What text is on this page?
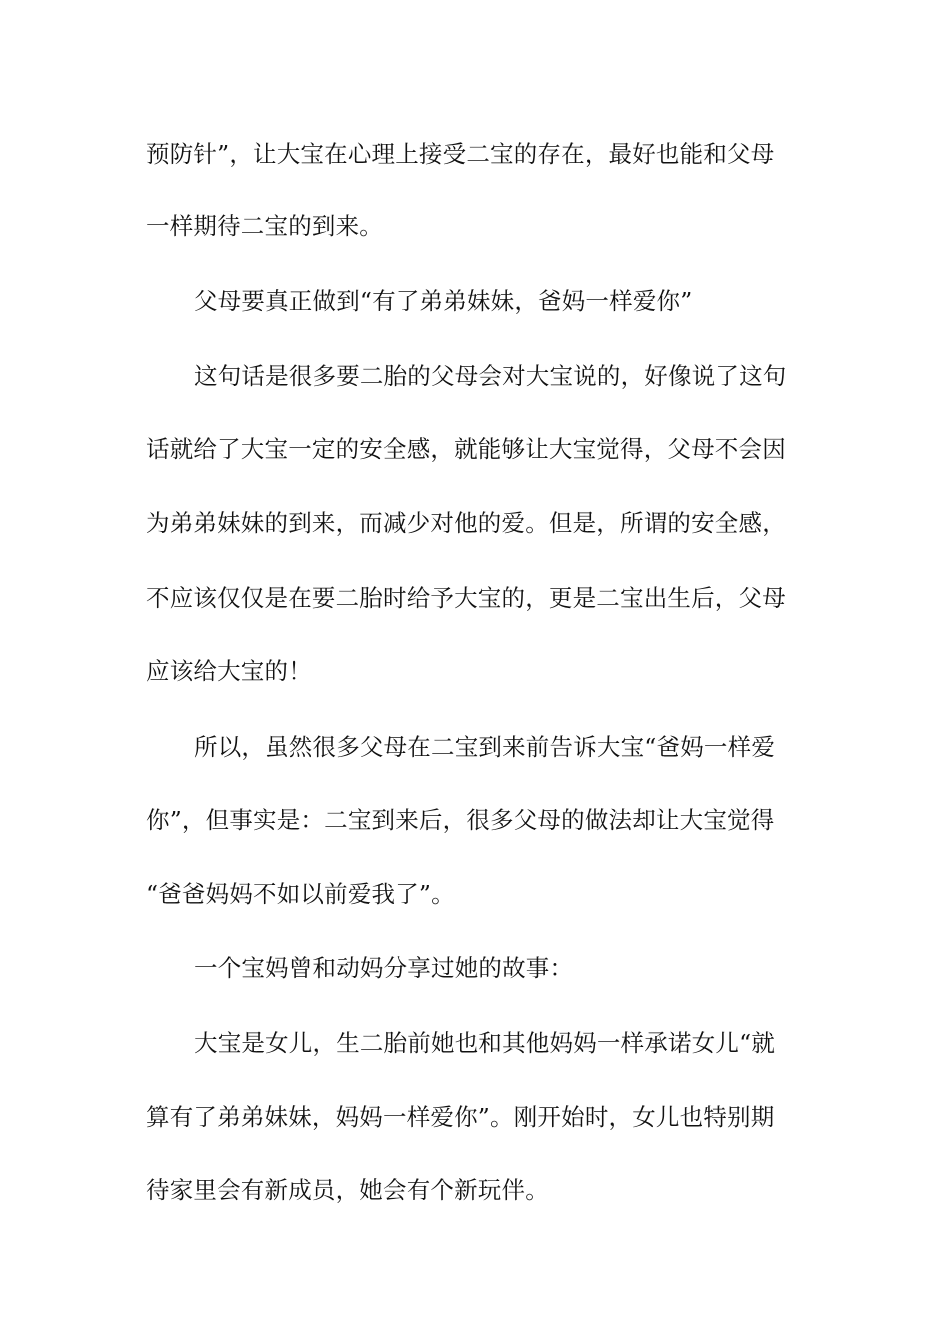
预防针”，让大宝在心理上接受二宝的存在，最好也能和父母
一样期待二宝的到来。
父母要真正做到“有了弟弟妹妹，爸妈一样爱你”
这句话是很多要二胎的父母会对大宝说的，好像说了这句
话就给了大宝一定的安全感，就能够让大宝觉得，父母不会因
为弟弟妹妹的到来，而减少对他的爱。但是，所谓的安全感，
不应该仅仅是在要二胎时给予大宝的，更是二宝出生后，父母
应该给大宝的！
所以，虽然很多父母在二宝到来前告诉大宝“爸妈一样爱
你”，但事实是：二宝到来后，很多父母的做法却让大宝觉得
“爸爸妈妈不如以前爱我了”。
一个宝妈曾和动妈分享过她的故事：
大宝是女儿，生二胎前她也和其他妈妈一样承诺女儿“就
算有了弟弟妹妹，妈妈一样爱你”。刚开始时，女儿也特别期
待家里会有新成员，她会有个新玩伴。
